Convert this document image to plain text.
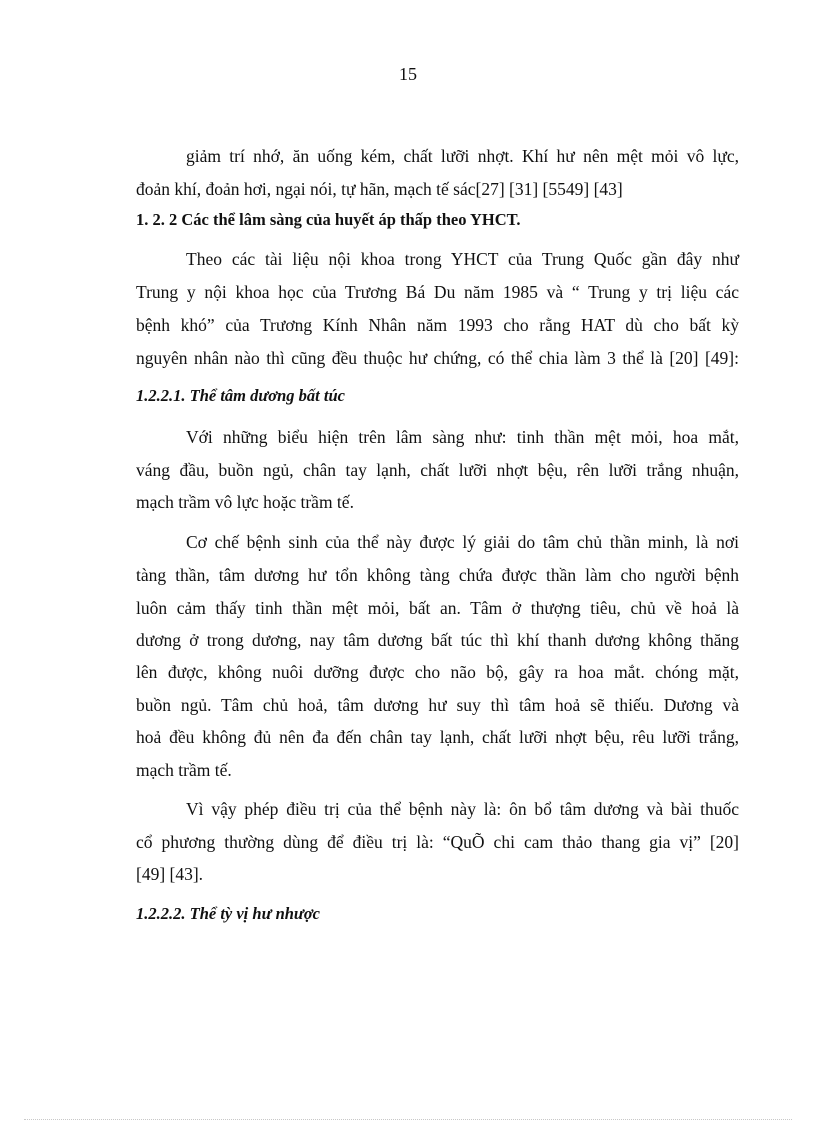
15
giảm trí nhớ, ăn uống kém, chất lưỡi nhợt. Khí hư nên mệt mỏi vô lực,
đoản khí, đoản hơi, ngại nói, tự hãn, mạch tế sác[27] [31] [5549] [43]
1. 2. 2 Các thể lâm sàng của huyết áp thấp theo YHCT.
Theo các tài liệu nội khoa trong YHCT của Trung Quốc gần đây như
Trung y nội khoa học của Trương Bá Du năm 1985 và “ Trung y trị liệu các
bệnh khó” của Trương Kính Nhân năm 1993 cho rằng HAT dù cho bất kỳ
nguyên nhân nào thì cũng đều thuộc hư chứng, có thể chia làm 3 thể là [20] [49]:
1.2.2.1. Thể tâm dương bất túc
Với những biểu hiện trên lâm sàng như: tinh thần mệt mỏi, hoa mắt,
váng đầu, buồn ngủ, chân tay lạnh, chất lưỡi nhợt bệu, rên lưỡi trắng nhuận,
mạch trầm vô lực hoặc trầm tế.
Cơ chế bệnh sinh của thể này được lý giải do tâm chủ thần minh, là nơi
tàng thần, tâm dương hư tổn không tàng chứa được thần làm cho người bệnh
luôn cảm thấy tinh thần mệt mỏi, bất an. Tâm ở thượng tiêu, chủ về hoả là
dương ở trong dương, nay tâm dương bất túc thì khí thanh dương không thăng
lên được, không nuôi dưỡng được cho não bộ, gây ra hoa mắt. chóng mặt,
buồn ngủ. Tâm chủ hoả, tâm dương hư suy thì tâm hoả sẽ thiếu. Dương và
hoả đều không đủ nên đa đến chân tay lạnh, chất lưỡi nhợt bệu, rêu lưỡi trắng,
mạch trầm tế.
Vì vậy phép điều trị của thể bệnh này là: ôn bổ tâm dương và bài thuốc
cổ phương thường dùng để điều trị là: “QuÕ chi cam thảo thang gia vị” [20]
[49] [43].
1.2.2.2. Thể tỳ vị hư nhược
